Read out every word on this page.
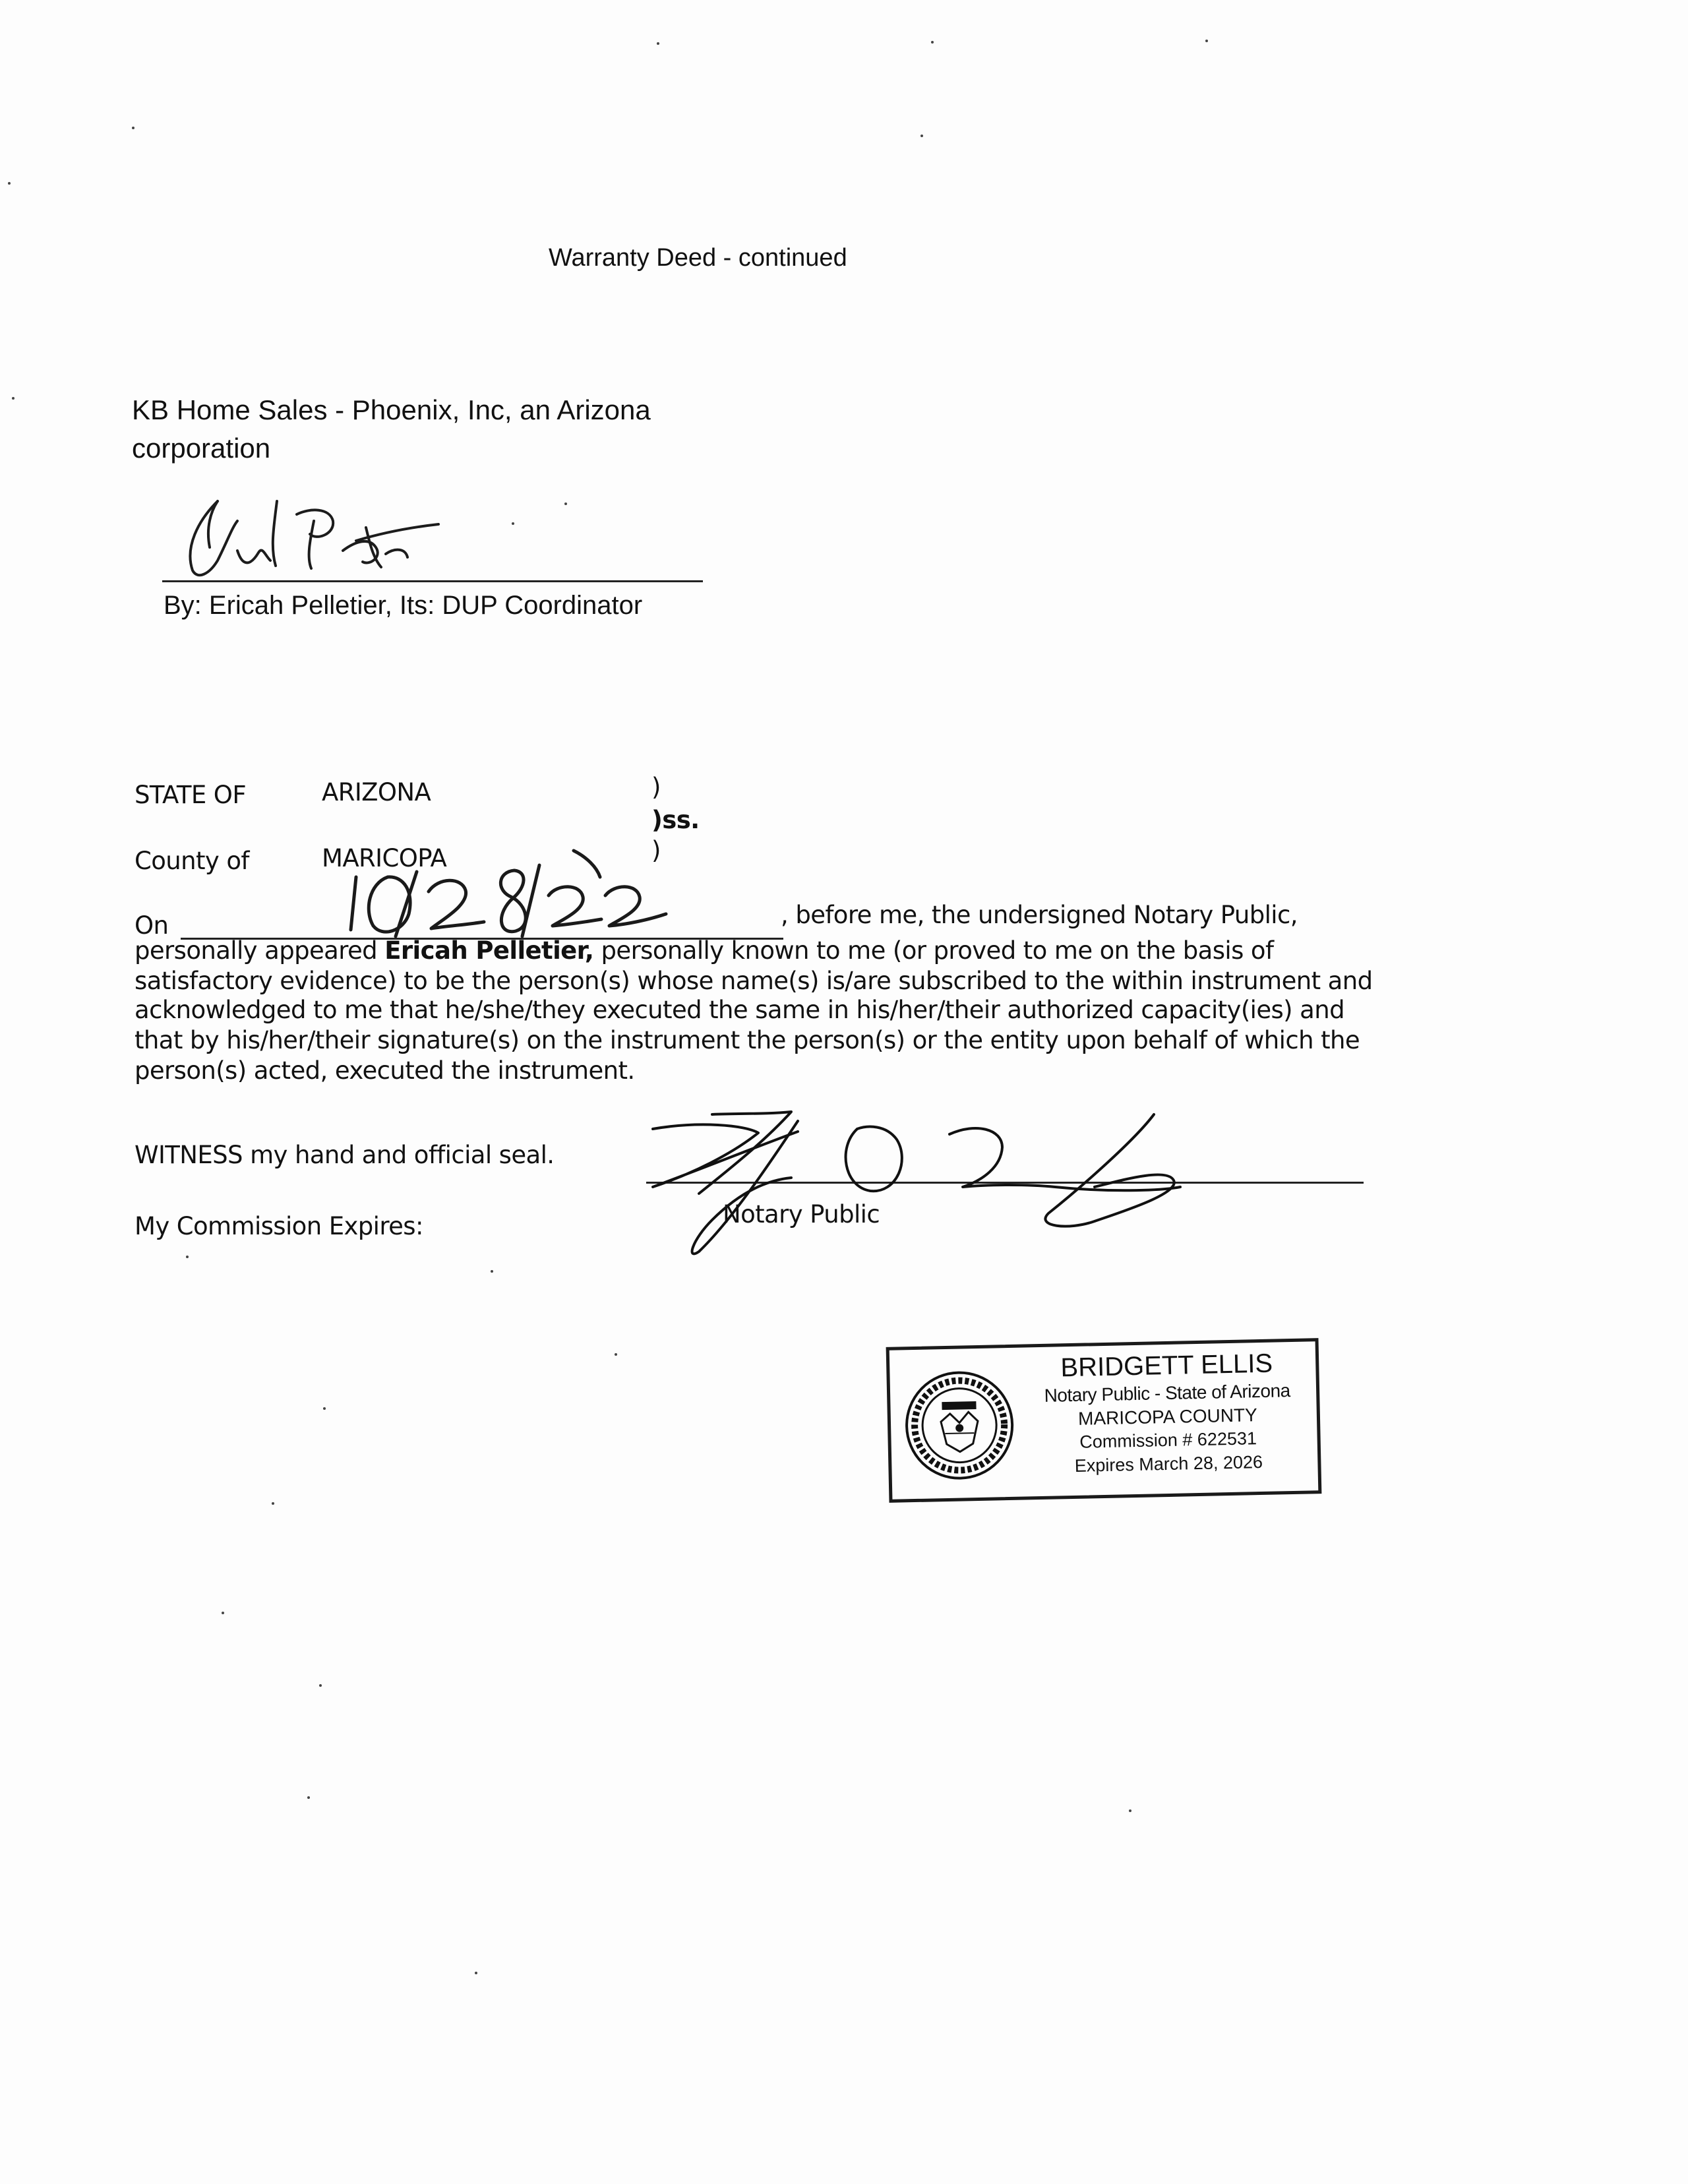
Warranty Deed - continued
KB Home Sales - Phoenix, Inc, an Arizona
corporation
By: Ericah Pelletier, Its: DUP Coordinator
STATE OF	ARIZONA	)
)ss.
County of	MARICOPA	)
On	, before me, the undersigned Notary Public,
personally appeared Ericah Pelletier, personally known to me (or proved to me on the basis of
satisfactory evidence) to be the person(s) whose name(s) is/are subscribed to the within instrument and
acknowledged to me that he/she/they executed the same in his/her/their authorized capacity(ies) and
that by his/her/their signature(s) on the instrument the person(s) or the entity upon behalf of which the
person(s) acted, executed the instrument.
WITNESS my hand and official seal.
My Commission Expires:	Notary Public
BRIDGETT ELLIS
Notary Public - State of Arizona
MARICOPA COUNTY
Commission # 622531
Expires March 28, 2026
